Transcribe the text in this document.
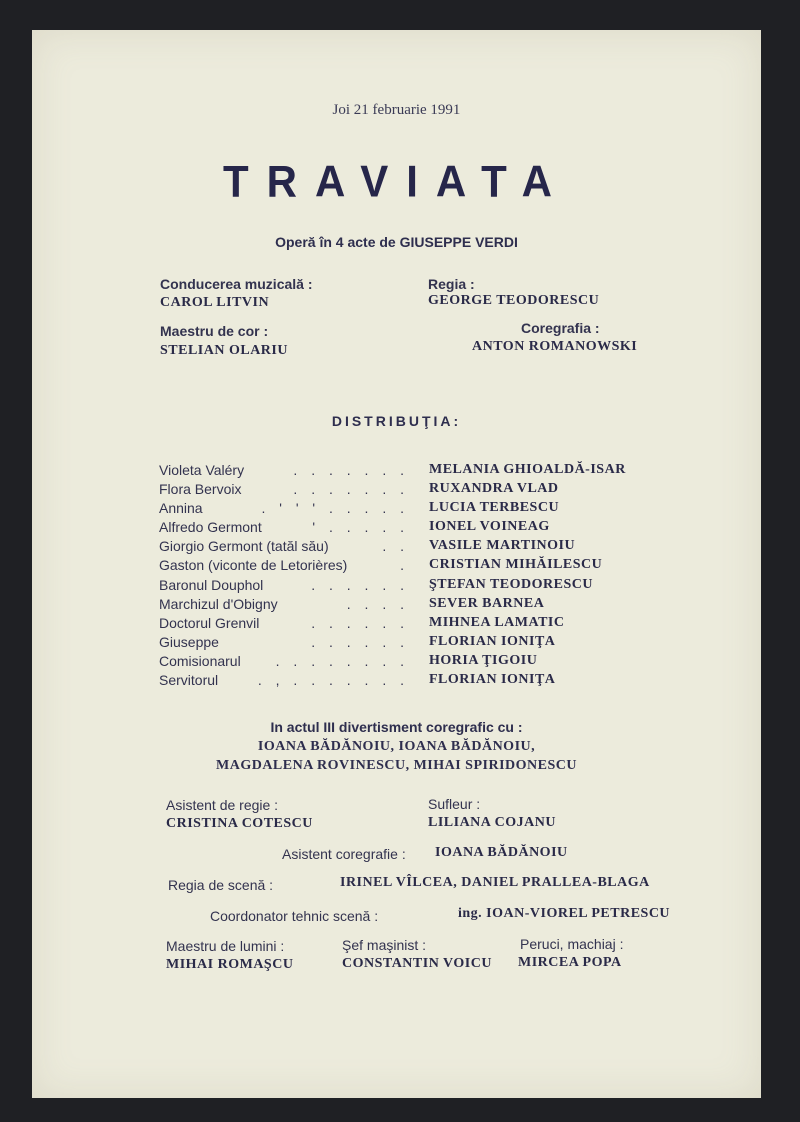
Joi 21 februarie 1991
TRAVIATA
Operă în 4 acte de GIUSEPPE VERDI
Conducerea muzicală :
CAROL LITVIN
Regia :
GEORGE TEODORESCU
Maestru de cor :
STELIAN OLARIU
Coregrafia :
ANTON ROMANOWSKI
DISTRIBUŢIA:
Violeta Valéry	. . . . . . . MELANIA GHIOALDĂ-ISAR
Flora Bervoix	. . . . . . . RUXANDRA VLAD
Annina	. ' ' ' . . . . . LUCIA TERBESCU
Alfredo Germont	' . . . . . IONEL VOINEAG
Giorgio Germont (tatăl său)	. . VASILE MARTINOIU
Gaston (viconte de Letorières)	. CRISTIAN MIHĂILESCU
Baronul Douphol	. . . . . . ŞTEFAN TEODORESCU
Marchizul d'Obigny	. . . . SEVER BARNEA
Doctorul Grenvil	. . . . . . MIHNEA LAMATIC
Giuseppe	. . . . . . FLORIAN IONIŢA
Comisionarul . . . . . . . . HORIA ŢIGOIU
Servitorul	. , . . . . . . . FLORIAN IONIŢA
In actul III divertisment coregrafic cu :
IOANA BĂDĂNOIU, IOANA BĂDĂNOIU,
MAGDALENA ROVINESCU, MIHAI SPIRIDONESCU
Asistent de regie :
CRISTINA COTESCU
Sufleur :
LILIANA COJANU
Asistent coregrafie : IOANA BĂDĂNOIU
Regia de scenă :	IRINEL VÎLCEA, DANIEL PRALLEA-BLAGA
Coordonator tehnic scenă :	ing. IOAN-VIOREL PETRESCU
Maestru de lumini :
MIHAI ROMAŞCU
Şef maşinist :
CONSTANTIN VOICU
Peruci, machiaj :
MIRCEA POPA
